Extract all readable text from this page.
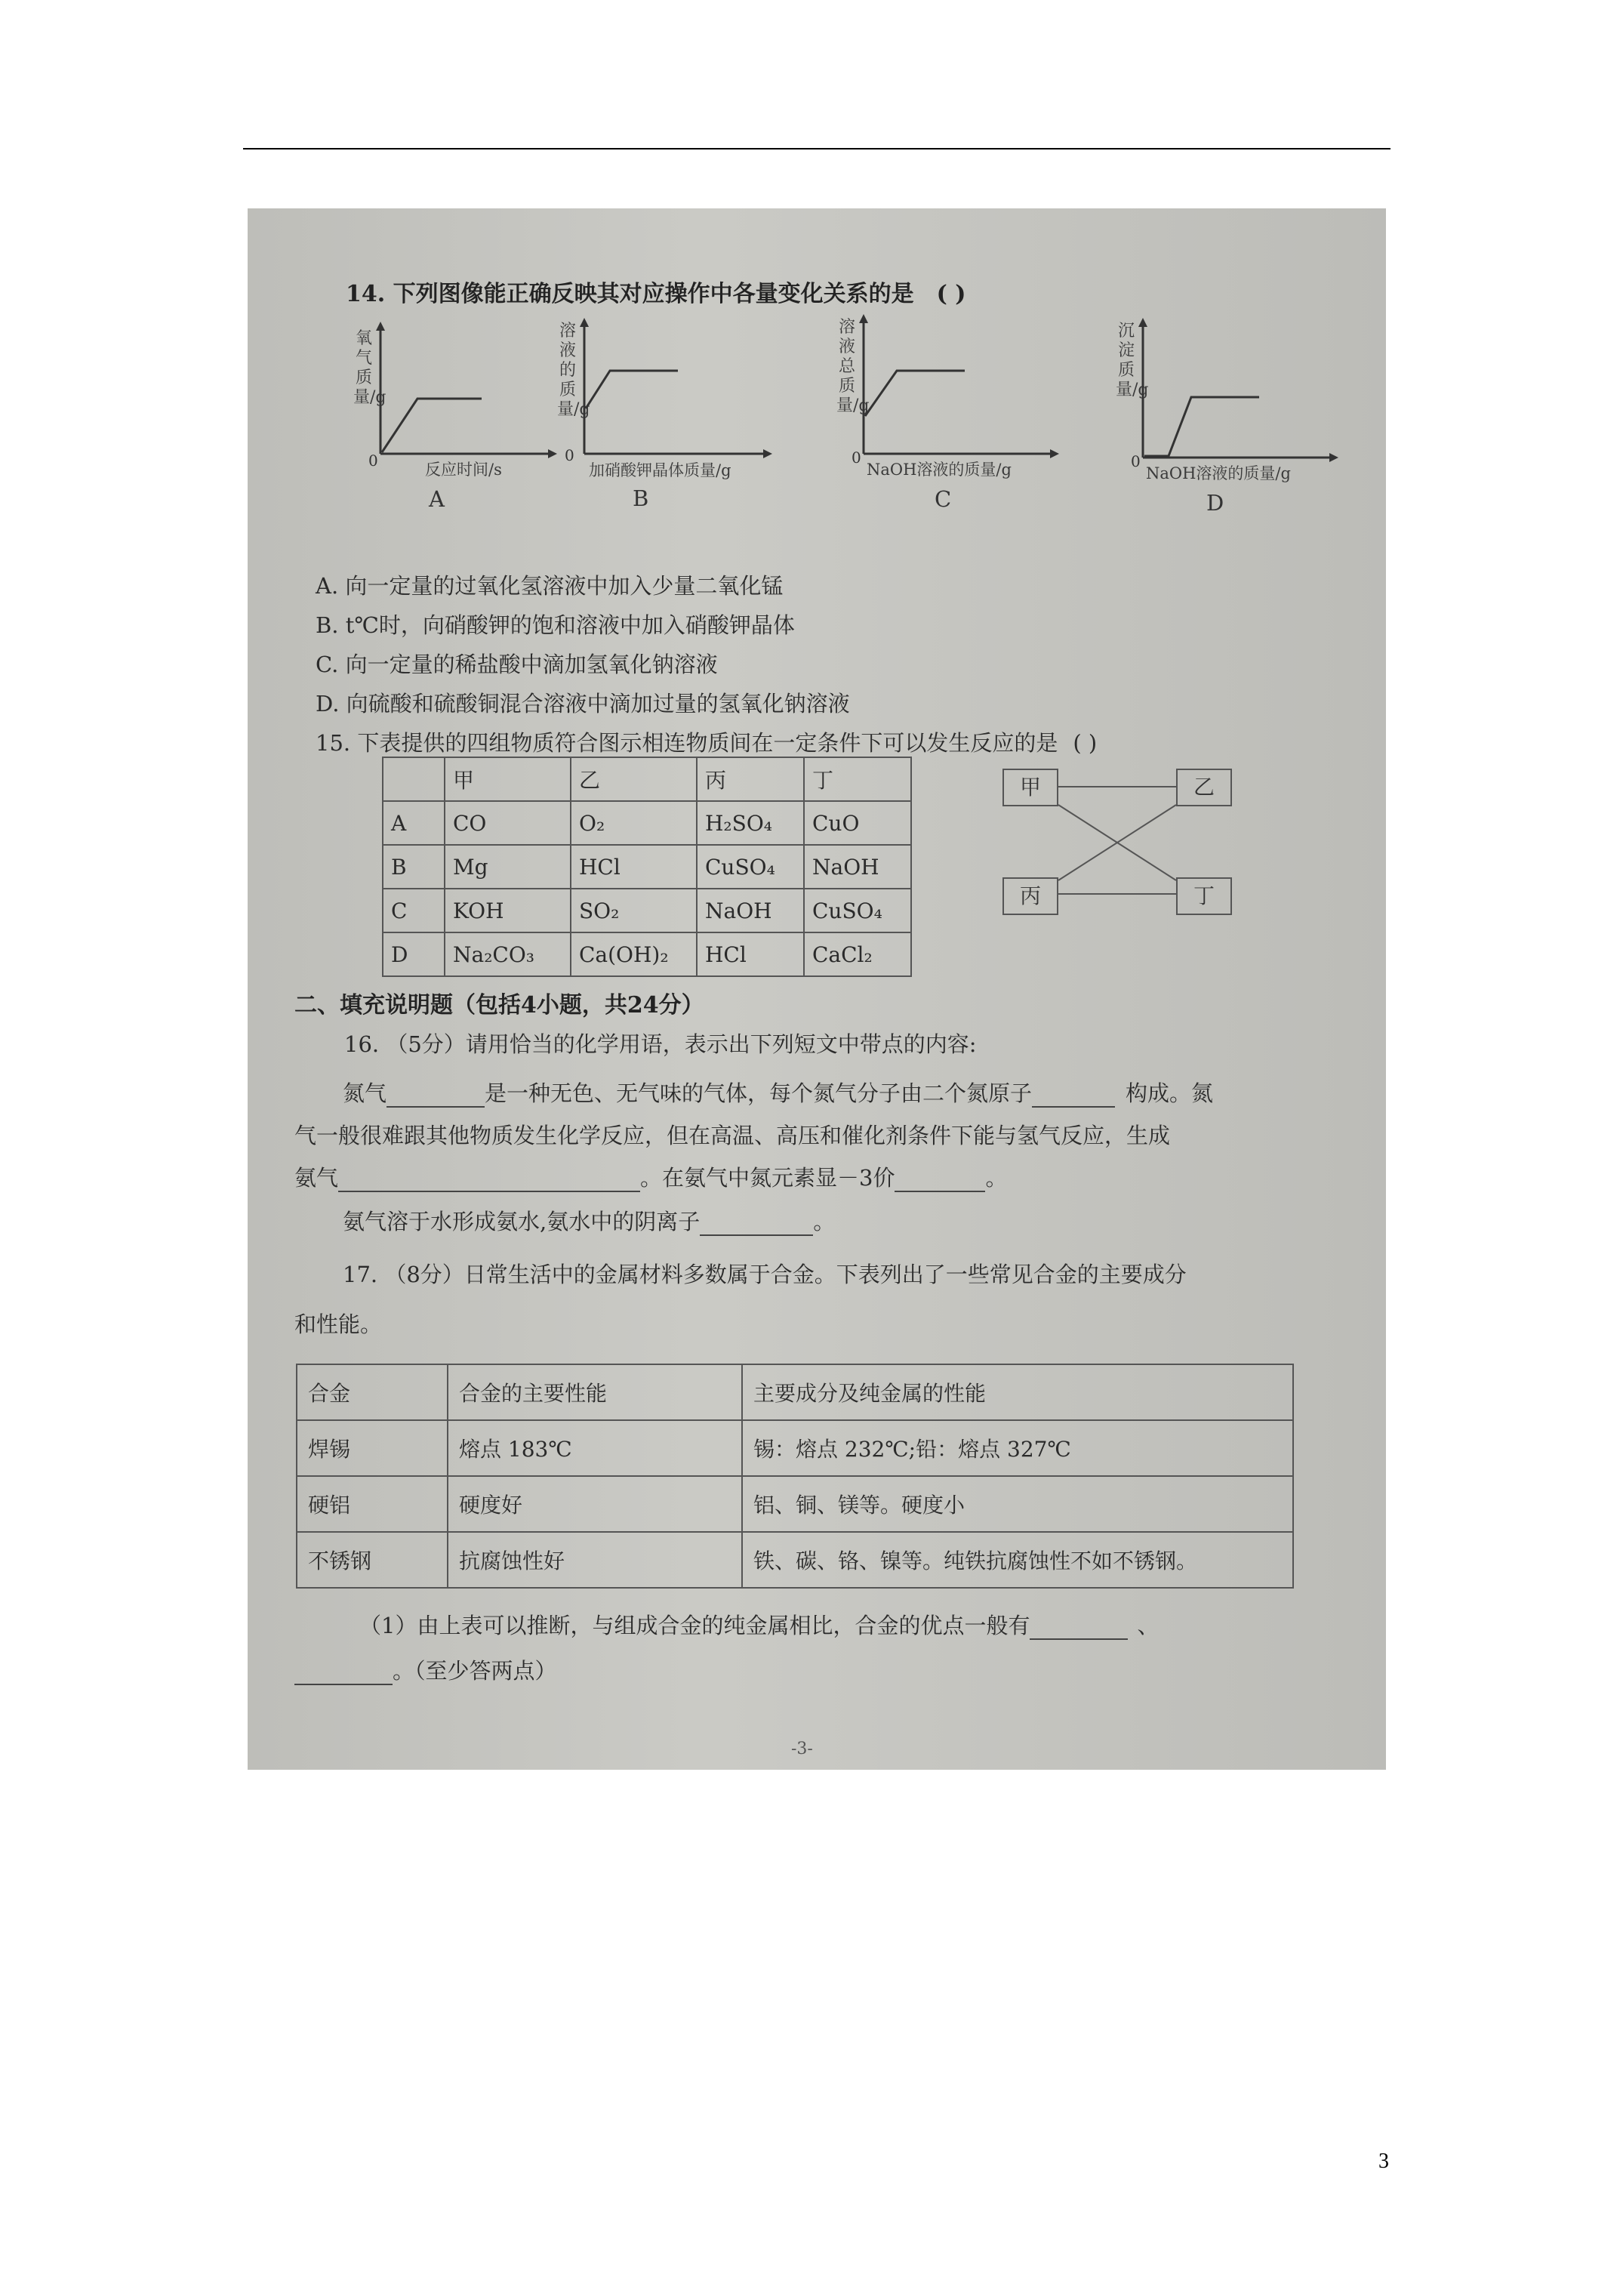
14. 下列图像能正确反映其对应操作中各量变化关系的是 ( )
氧气质量/g
0	反应时间/s
A
溶液的质量/g
0
加硝酸钾晶体质量/g
B
溶液总质量/g
0
NaOH溶液的质量/g
C
沉淀质量/g
0
NaOH溶液的质量/g
D
A. 向一定量的过氧化氢溶液中加入少量二氧化锰
B. t℃时，向硝酸钾的饱和溶液中加入硝酸钾晶体
C. 向一定量的稀盐酸中滴加氢氧化钠溶液
D. 向硫酸和硫酸铜混合溶液中滴加过量的氢氧化钠溶液
15. 下表提供的四组物质符合图示相连物质间在一定条件下可以发生反应的是 ( )
	甲	乙	丙	丁
A	CO	O₂	H₂SO₄	CuO
B	Mg	HCl	CuSO₄	NaOH
C	KOH	SO₂	NaOH	CuSO₄
D	Na₂CO₃	Ca(OH)₂	HCl	CaCl₂
甲	乙
丙	丁
二、填充说明题（包括4小题，共24分）
16. （5分）请用恰当的化学用语，表示出下列短文中带点的内容:
氮气	是一种无色、无气味的气体，每个氮气分子由二个氮原子	构成。氮
气一般很难跟其他物质发生化学反应，但在高温、高压和催化剂条件下能与氢气反应，生成
氨气	。在氨气中氮元素显－3价	。
氨气溶于水形成氨水,氨水中的阴离子	。
17. （8分）日常生活中的金属材料多数属于合金。下表列出了一些常见合金的主要成分
和性能。
合金	合金的主要性能	主要成分及纯金属的性能
焊锡	熔点 183℃	锡：熔点 232℃;铅：熔点 327℃
硬铝	硬度好	铝、铜、镁等。硬度小
不锈钢	抗腐蚀性好	铁、碳、铬、镍等。纯铁抗腐蚀性不如不锈钢。
（1）由上表可以推断，与组成合金的纯金属相比，合金的优点一般有	、
。（至少答两点）
-3-
3
